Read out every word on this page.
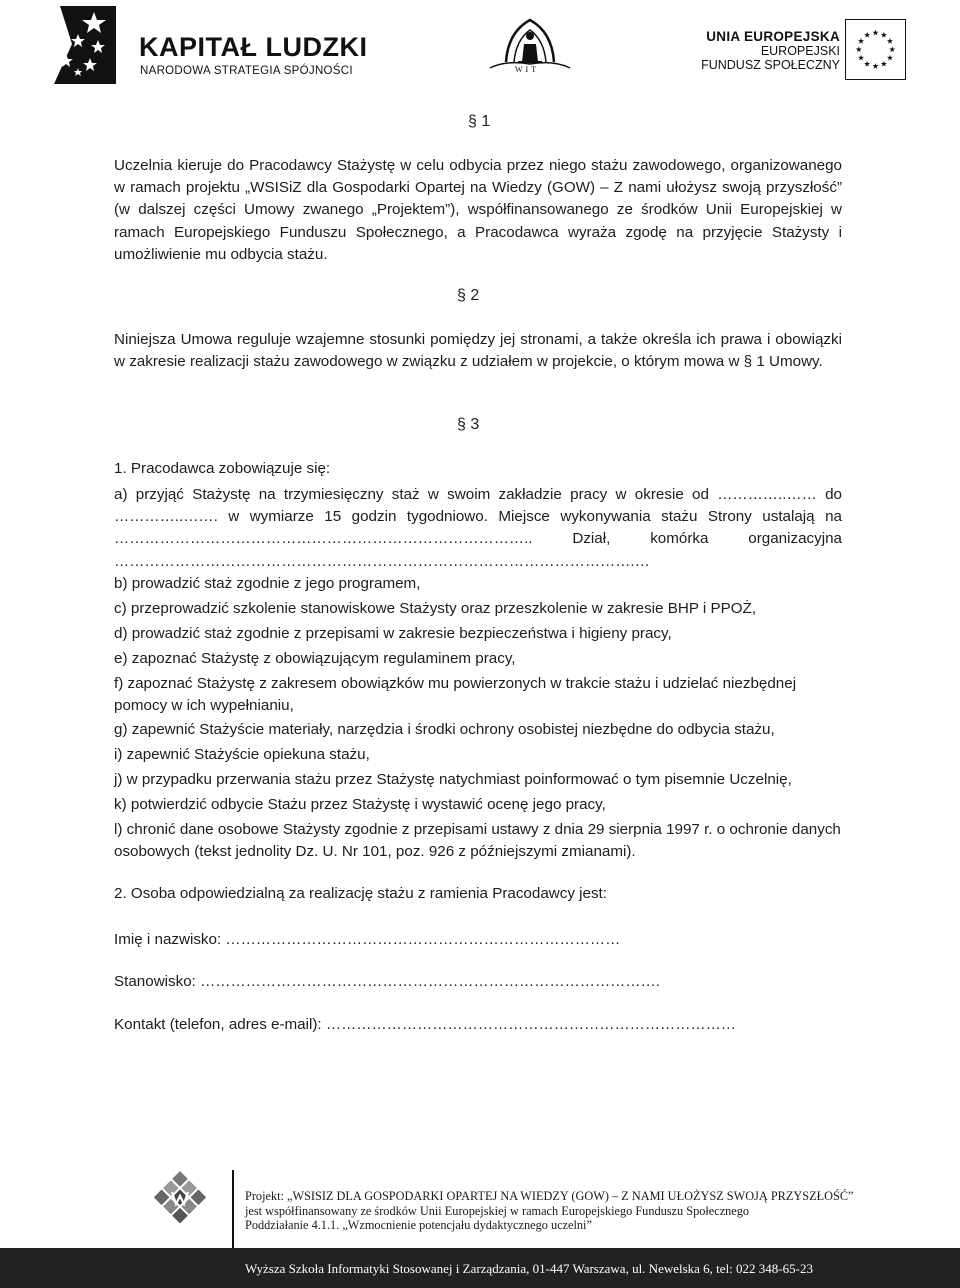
KAPITAŁ LUDZKI
NARODOWA STRATEGIA SPÓJNOŚCI	WIT
UNIA EUROPEJSKA
EUROPEJSKI
FUNDUSZ SPOŁECZNY
§ 1
Uczelnia kieruje do Pracodawcy Stażystę w celu odbycia przez niego stażu zawodowego, organizowanego w ramach projektu „WSISiZ dla Gospodarki Opartej na Wiedzy (GOW) – Z nami ułożysz swoją przyszłość” (w dalszej części Umowy zwanego „Projektem”), współfinansowanego ze środków Unii Europejskiej w ramach Europejskiego Funduszu Społecznego, a Pracodawca wyraża zgodę na przyjęcie Stażysty i umożliwienie mu odbycia stażu.
§ 2
Niniejsza Umowa reguluje wzajemne stosunki pomiędzy jej stronami, a także określa ich prawa i obowiązki w zakresie realizacji stażu zawodowego w związku z udziałem w projekcie, o którym mowa w § 1 Umowy.
§ 3
1. Pracodawca zobowiązuje się:
a) przyjąć Stażystę na trzymiesięczny staż w swoim zakładzie pracy w okresie od …………..…… do
…………..……. w wymiarze 15 godzin tygodniowo. Miejsce wykonywania stażu Strony ustalają na
……………………………………………………………………….. Dział, komórka organizacyjna
………………………………………………………………………………………….…
b) prowadzić staż zgodnie z jego programem,
c) przeprowadzić szkolenie stanowiskowe Stażysty oraz przeszkolenie w zakresie BHP i PPOŻ,
d) prowadzić staż zgodnie z przepisami w zakresie bezpieczeństwa i higieny pracy,
e) zapoznać Stażystę z obowiązującym regulaminem pracy,
f) zapoznać Stażystę z zakresem obowiązków mu powierzonych w trakcie stażu i udzielać niezbędnej pomocy w ich wypełnianiu,
g) zapewnić Stażyście materiały, narzędzia i środki ochrony osobistej niezbędne do odbycia stażu,
i) zapewnić Stażyście opiekuna stażu,
j) w przypadku przerwania stażu przez Stażystę natychmiast poinformować o tym pisemnie Uczelnię,
k) potwierdzić odbycie Stażu przez Stażystę i wystawić ocenę jego pracy,
l) chronić dane osobowe Stażysty zgodnie z przepisami ustawy z dnia 29 sierpnia 1997 r. o ochronie danych osobowych (tekst jednolity Dz. U. Nr 101, poz. 926 z późniejszymi zmianami).
2. Osoba odpowiedzialną za realizację stażu z ramienia Pracodawcy jest:
Imię i nazwisko: ……………………………………………………………………
Stanowisko: ……………………………………………………………………………….
Kontakt (telefon, adres e-mail): ………………………………………………………………………
Projekt: „WSISIZ DLA GOSPODARKI OPARTEJ NA WIEDZY (GOW) – Z NAMI UŁOŻYSZ SWOJĄ PRZYSZŁOŚĆ”
jest współfinansowany ze środków Unii Europejskiej w ramach Europejskiego Funduszu Społecznego
Poddziałanie 4.1.1. „Wzmocnienie potencjału dydaktycznego uczelni”
Wyższa Szkoła Informatyki Stosowanej i Zarządzania, 01-447 Warszawa, ul. Newelska 6, tel: 022 348-65-23
